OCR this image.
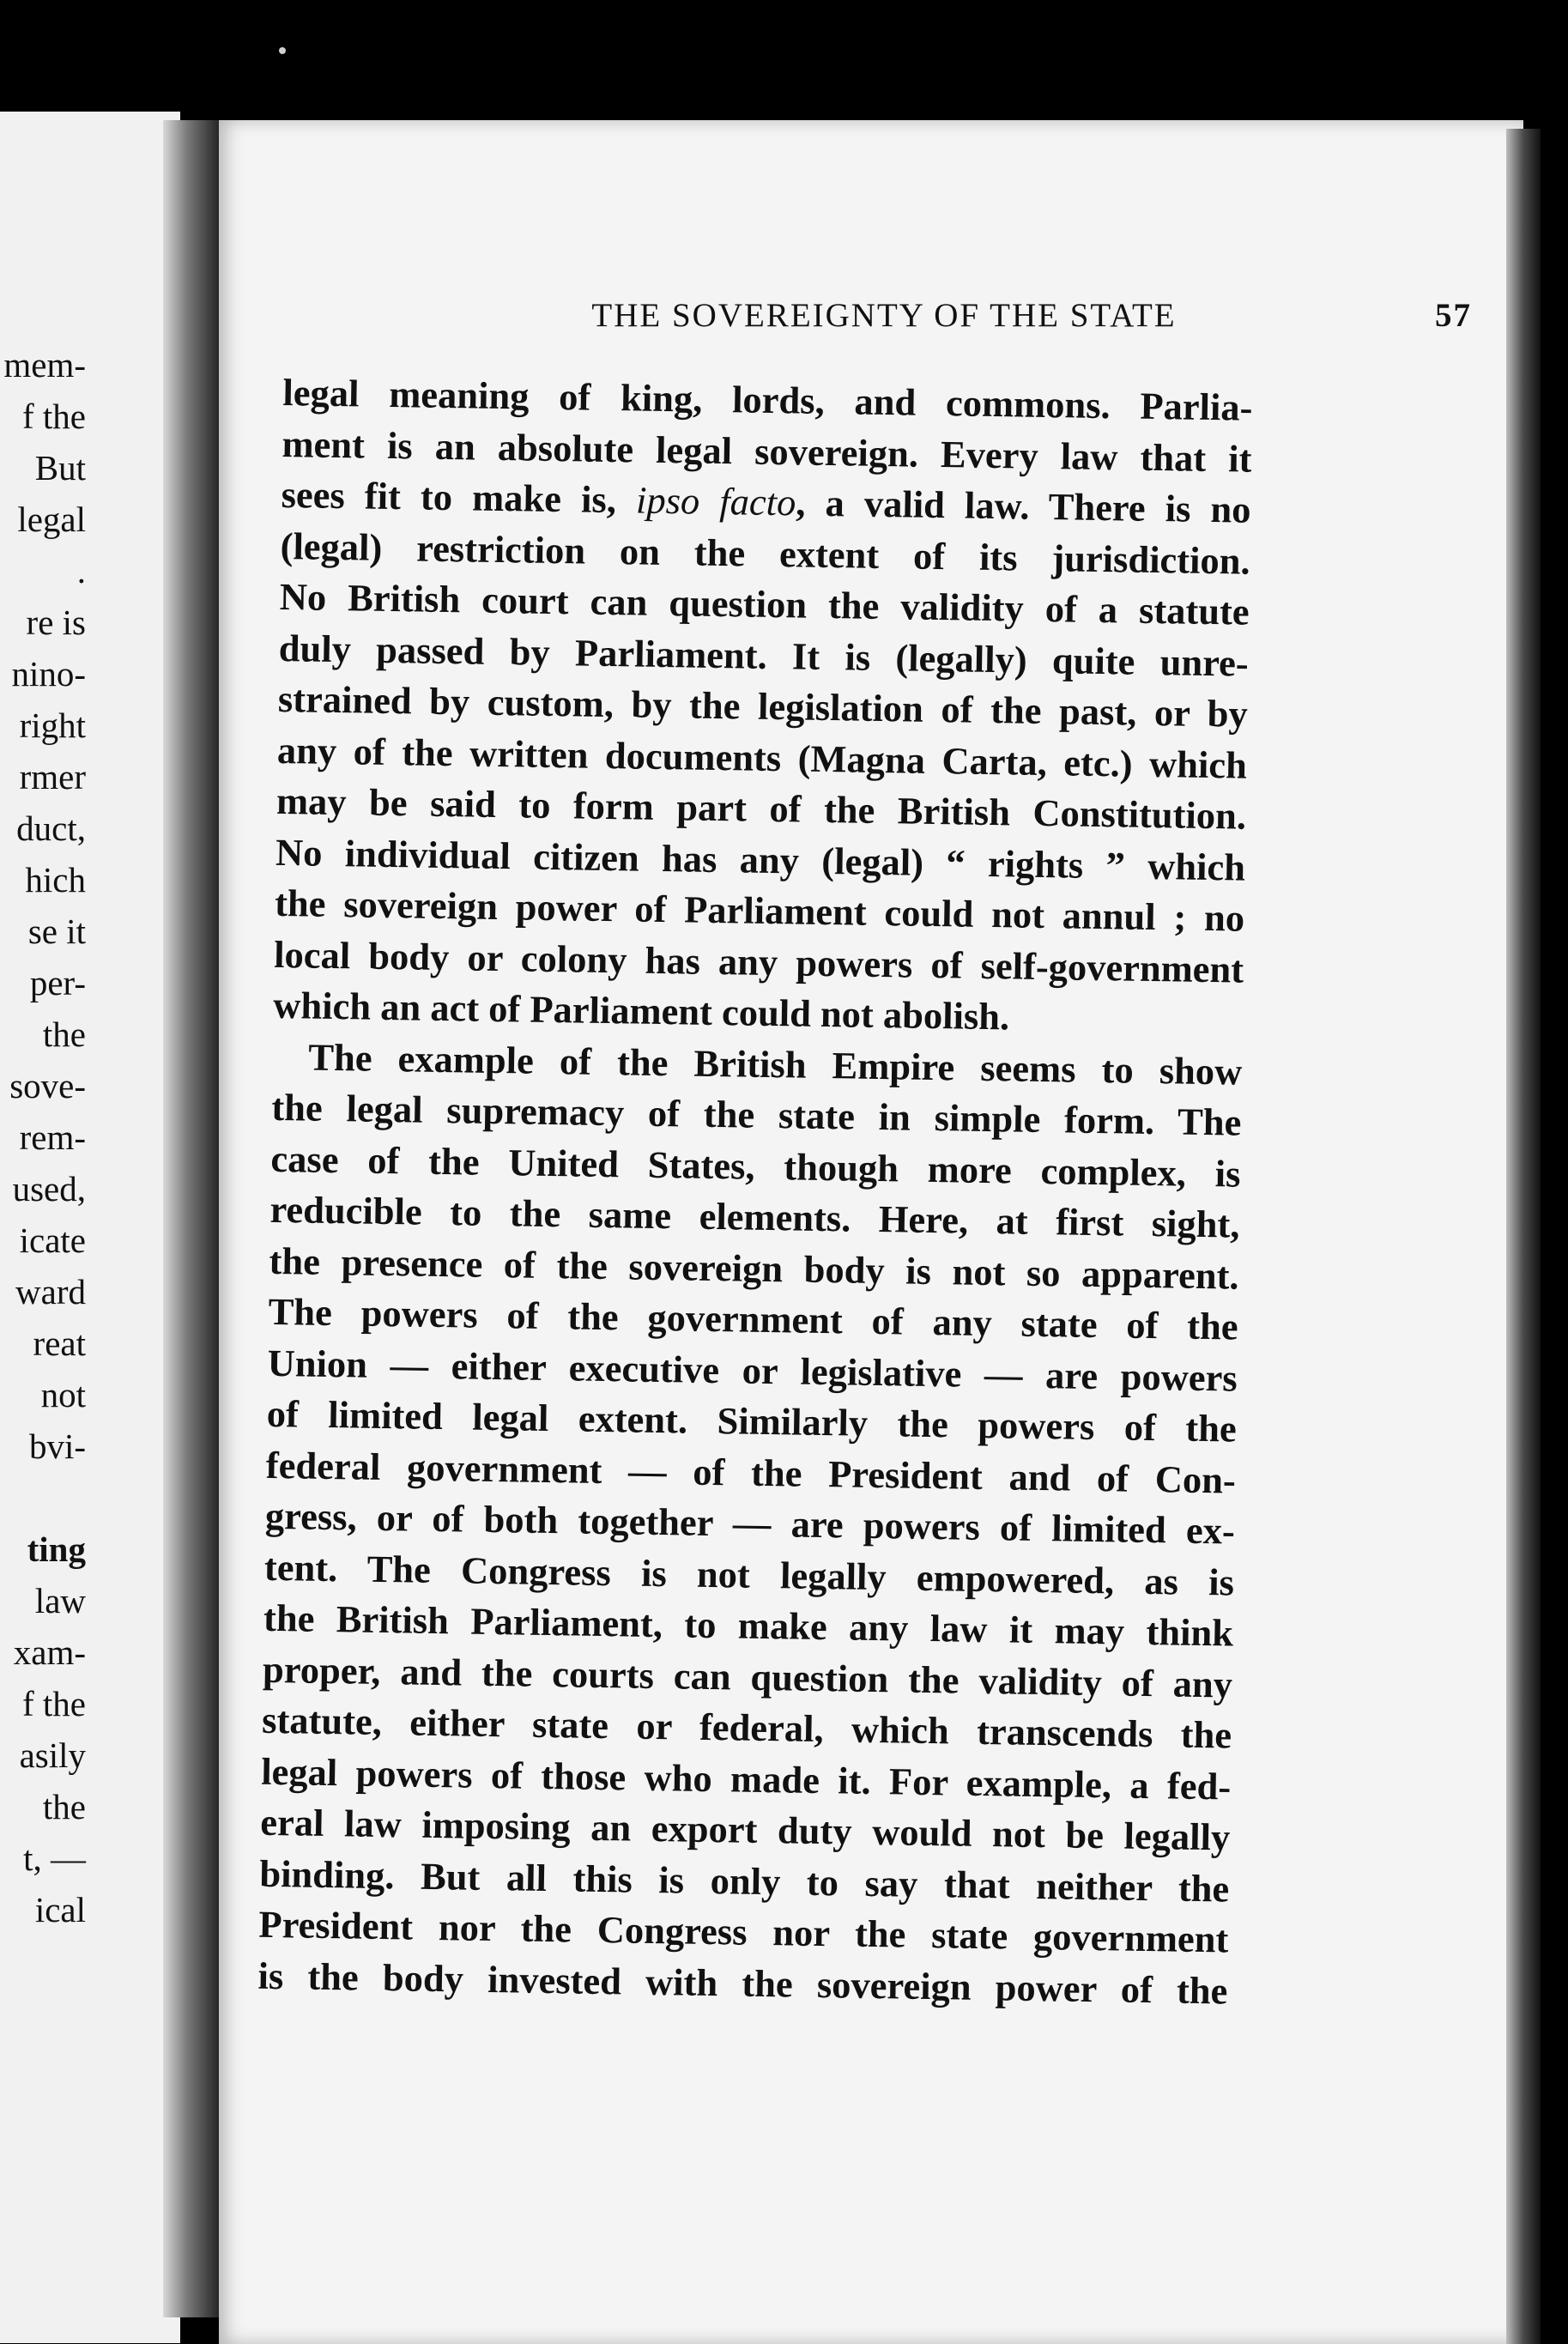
mem-
f the
But
legal
.
re is
nino-
right
rmer
duct,
hich
se it
per-
the
sove-
rem-
used,
icate
ward
reat
not
bvi-
ting
law
xam-
f the
asily
the
t, —
ical
THE SOVEREIGNTY OF THE STATE	57
legal meaning of king, lords, and commons. Parlia-
ment is an absolute legal sovereign. Every law that it
sees fit to make is, ipso facto, a valid law. There is no
(legal) restriction on the extent of its jurisdiction.
No British court can question the validity of a statute
duly passed by Parliament. It is (legally) quite unre-
strained by custom, by the legislation of the past, or by
any of the written documents (Magna Carta, etc.) which
may be said to form part of the British Constitution.
No individual citizen has any (legal) “ rights ” which
the sovereign power of Parliament could not annul ; no
local body or colony has any powers of self-government
which an act of Parliament could not abolish.
The example of the British Empire seems to show
the legal supremacy of the state in simple form. The
case of the United States, though more complex, is
reducible to the same elements. Here, at first sight,
the presence of the sovereign body is not so apparent.
The powers of the government of any state of the
Union — either executive or legislative — are powers
of limited legal extent. Similarly the powers of the
federal government — of the President and of Con-
gress, or of both together — are powers of limited ex-
tent. The Congress is not legally empowered, as is
the British Parliament, to make any law it may think
proper, and the courts can question the validity of any
statute, either state or federal, which transcends the
legal powers of those who made it. For example, a fed-
eral law imposing an export duty would not be legally
binding. But all this is only to say that neither the
President nor the Congress nor the state government
is the body invested with the sovereign power of the
